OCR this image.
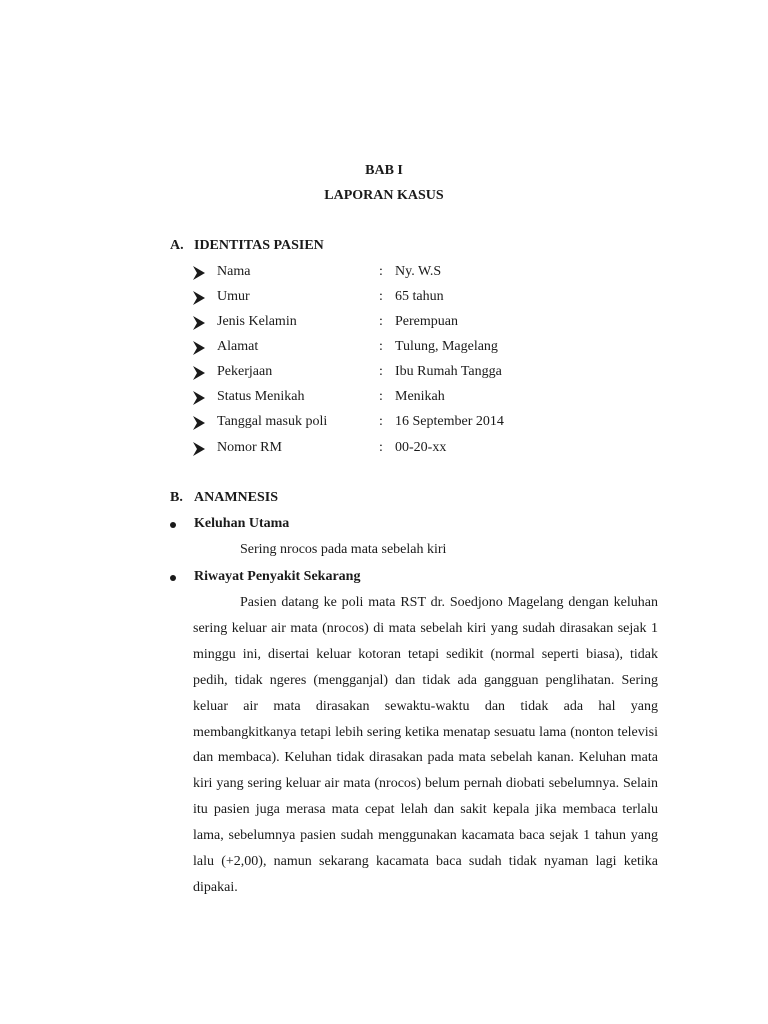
BAB I
LAPORAN KASUS
A. IDENTITAS PASIEN
Nama	: Ny. W.S
Umur	: 65 tahun
Jenis Kelamin	: Perempuan
Alamat	: Tulung, Magelang
Pekerjaan	: Ibu Rumah Tangga
Status Menikah	: Menikah
Tanggal masuk poli	: 16 September 2014
Nomor RM	: 00-20-xx
B. ANAMNESIS
Keluhan Utama
Sering nrocos pada mata sebelah kiri
Riwayat Penyakit Sekarang

Pasien datang ke poli mata RST dr. Soedjono Magelang dengan keluhan sering keluar air mata (nrocos) di mata sebelah kiri yang sudah dirasakan sejak 1 minggu ini, disertai keluar kotoran tetapi sedikit (normal seperti biasa), tidak pedih, tidak ngeres (mengganjal) dan tidak ada gangguan penglihatan. Sering keluar air mata dirasakan sewaktu-waktu dan tidak ada hal yang membangkitkanya tetapi lebih sering ketika menatap sesuatu lama (nonton televisi dan membaca). Keluhan tidak dirasakan pada mata sebelah kanan. Keluhan mata kiri yang sering keluar air mata (nrocos) belum pernah diobati sebelumnya. Selain itu pasien juga merasa mata cepat lelah dan sakit kepala jika membaca terlalu lama, sebelumnya pasien sudah menggunakan kacamata baca sejak 1 tahun yang lalu (+2,00), namun sekarang kacamata baca sudah tidak nyaman lagi ketika dipakai.
